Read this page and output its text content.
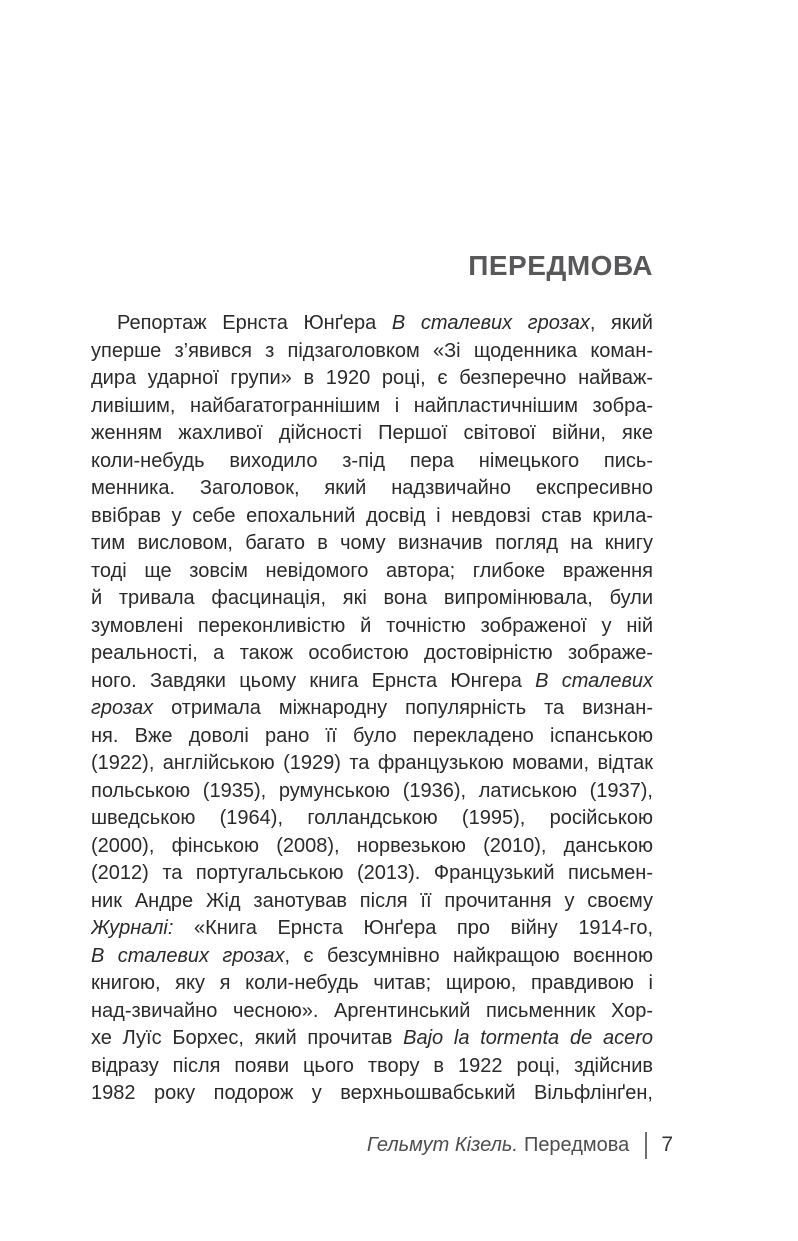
ПЕРЕДМОВА
Репортаж Ернста Юнґера В сталевих грозах, який
уперше з’явився з підзаголовком «Зі щоденника коман-
дира ударної групи» в 1920 році, є безперечно найваж-
ливішим, найбагатограннішим і найпластичнішим зобра-
женням жахливої дійсності Першої світової війни, яке
коли-небудь виходило з-під пера німецького пись-
менника. Заголовок, який надзвичайно експресивно
ввібрав у себе епохальний досвід і невдовзі став крила-
тим висловом, багато в чому визначив погляд на книгу
тоді ще зовсім невідомого автора; глибоке враження
й тривала фасцинація, які вона випромінювала, були
зумовлені переконливістю й точністю зображеної у ній
реальності, а також особистою достовірністю зображе-
ного. Завдяки цьому книга Ернста Юнгера В сталевих
грозах отримала міжнародну популярність та визнан-
ня. Вже доволі рано її було перекладено іспанською
(1922), англійською (1929) та французькою мовами, відтак
польською (1935), румунською (1936), латиською (1937),
шведською (1964), голландською (1995), російською
(2000), фінською (2008), норвезькою (2010), данською
(2012) та португальською (2013). Французький письмен-
ник Андре Жід занотував після її прочитання у своєму
Журналі: «Книга Ернста Юнґера про війну 1914-го,
В сталевих грозах, є безсумнівно найкращою воєнною
книгою, яку я коли-небудь читав; щирою, правдивою і
над-звичайно чесною». Аргентинський письменник Хор-
хе Луїс Борхес, який прочитав Bajo la tormenta de acero
відразу після появи цього твору в 1922 році, здійснив
1982 року подорож у верхньошвабський Вільфлінґен,
Гельмут Кізель. Передмова 7
